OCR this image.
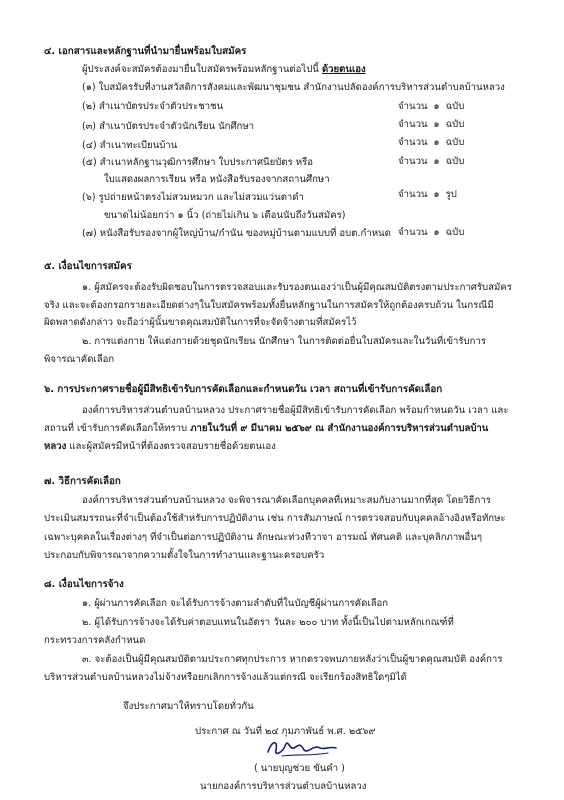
๔. เอกสารและหลักฐานที่นำมายื่นพร้อมใบสมัคร
ผู้ประสงค์จะสมัครต้องมายื่นใบสมัครพร้อมหลักฐานต่อไปนี้ ด้วยตนเอง
(๑) ใบสมัครรับที่งานสวัสดิการสังคมและพัฒนาชุมชน สำนักงานปลัดองค์การบริหารส่วนตำบลบ้านหลวง
(๒) สำเนาบัตรประจำตัวประชาชน	จำนวน ๑ ฉบับ
(๓) สำเนาบัตรประจำตัวนักเรียน นักศึกษา	จำนวน ๑ ฉบับ
(๔) สำเนาทะเบียนบ้าน	จำนวน ๑ ฉบับ
(๕) สำเนาหลักฐานวุฒิการศึกษา ใบประกาศนียบัตร หรือ
ใบแสดงผลการเรียน หรือ หนังสือรับรองจากสถานศึกษา
จำนวน ๑ ฉบับ
(๖) รูปถ่ายหน้าตรงไม่สวมหมวก และไม่สวมแว่นตาดำ
ขนาดไม่น้อยกว่า ๑ นิ้ว (ถ่ายไม่เกิน ๖ เดือนนับถึงวันสมัคร)
จำนวน ๑ รูป
(๗) หนังสือรับรองจากผู้ใหญ่บ้าน/กำนัน ของหมู่บ้านตามแบบที่ อบต.กำหนด จำนวน ๑ ฉบับ
๕. เงื่อนไขการสมัคร
๑. ผู้สมัครจะต้องรับผิดชอบในการตรวจสอบและรับรองตนเองว่าเป็นผู้มีคุณสมบัติตรงตามประกาศรับสมัคร
จริง และจะต้องกรอกรายละเอียดต่างๆในใบสมัครพร้อมทั้งยื่นหลักฐานในการสมัครให้ถูกต้องครบถ้วน ในกรณีมี
ผิดพลาดดังกล่าว จะถือว่าผู้นั้นขาดคุณสมบัติในการที่จะจัดจ้างตามที่สมัครไว้
๒. การแต่งกาย ให้แต่งกายด้วยชุดนักเรียน นักศึกษา ในการติดต่อยื่นใบสมัครและในวันที่เข้ารับการ
พิจารณาคัดเลือก
๖. การประกาศรายชื่อผู้มีสิทธิเข้ารับการคัดเลือกและกำหนดวัน เวลา สถานที่เข้ารับการคัดเลือก
องค์การบริหารส่วนตำบลบ้านหลวง ประกาศรายชื่อผู้มีสิทธิเข้ารับการคัดเลือก พร้อมกำหนดวัน เวลา และ
สถานที่ เข้ารับการคัดเลือกให้ทราบ ภายในวันที่ ๙ มีนาคม ๒๕๖๙ ณ สำนักงานองค์การบริหารส่วนตำบลบ้าน
หลวง และผู้สมัครมีหน้าที่ต้องตรวจสอบรายชื่อด้วยตนเอง
๗. วิธีการคัดเลือก
องค์การบริหารส่วนตำบลบ้านหลวง จะพิจารณาคัดเลือกบุคคลที่เหมาะสมกับงานมากที่สุด โดยวิธีการ
ประเมินสมรรถนะที่จำเป็นต้องใช้สำหรับการปฏิบัติงาน เช่น การสัมภาษณ์ การตรวจสอบกับบุคคลอ้างอิงหรือทักษะ
เฉพาะบุคคลในเรื่องต่างๆ ที่จำเป็นต่อการปฏิบัติงาน ลักษณะท่วงทีวาจา อารมณ์ ทัศนคติ และบุคลิกภาพอื่นๆ
ประกอบกับพิจารณาจากความตั้งใจในการทำงานและฐานะครอบครัว
๘. เงื่อนไขการจ้าง
๑. ผู้ผ่านการคัดเลือก จะได้รับการจ้างตามลำดับที่ในบัญชีผู้ผ่านการคัดเลือก
๒. ผู้ได้รับการจ้างจะได้รับค่าตอบแทนในอัตรา วันละ ๒๐๐ บาท ทั้งนี้เป็นไปตามหลักเกณฑ์ที่
กระทรวงการคลังกำหนด
๓. จะต้องเป็นผู้มีคุณสมบัติตามประกาศทุกประการ หากตรวจพบภายหลังว่าเป็นผู้ขาดคุณสมบัติ องค์การ
บริหารส่วนตำบลบ้านหลวงไม่จ้างหรือยกเลิกการจ้างแล้วแต่กรณี จะเรียกร้องสิทธิใดๆมิได้
จึงประกาศมาให้ทราบโดยทั่วกัน
ประกาศ ณ วันที่ ๒๔ กุมภาพันธ์ พ.ศ. ๒๕๖๙
( นายบุญช่วย ขันคำ )
นายกองค์การบริหารส่วนตำบลบ้านหลวง
